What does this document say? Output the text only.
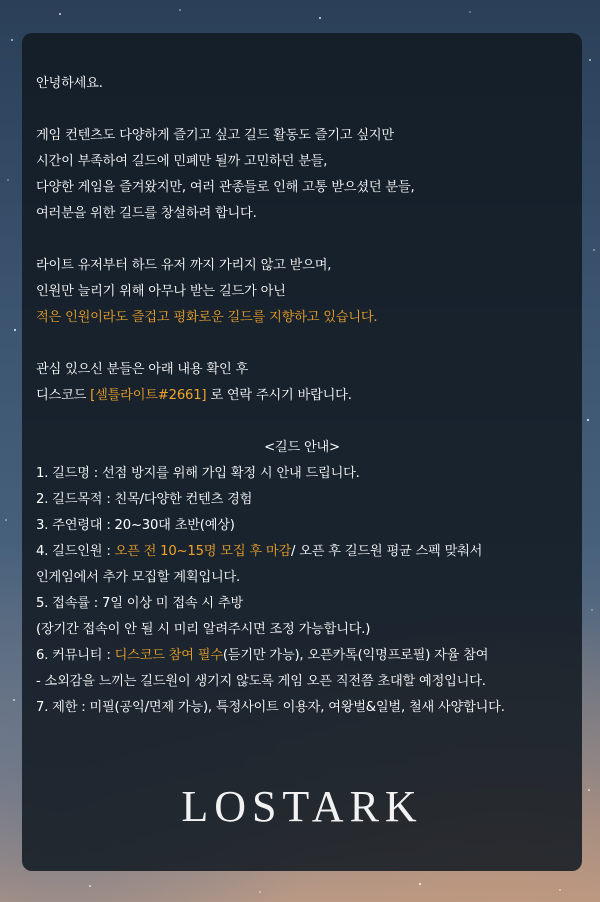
안녕하세요.
게임 컨텐츠도 다양하게 즐기고 싶고 길드 활동도 즐기고 싶지만
시간이 부족하여 길드에 민폐만 될까 고민하던 분들,
다양한 게임을 즐겨왔지만, 여러 관종들로 인해 고통 받으셨던 분들,
여러분을 위한 길드를 창설하려 합니다.
라이트 유저부터 하드 유저 까지 가리지 않고 받으며,
인원만 늘리기 위해 아무나 받는 길드가 아닌
적은 인원이라도 즐겁고 평화로운 길드를 지향하고 있습니다.
관심 있으신 분들은 아래 내용 확인 후
디스코드 [셀틀라이트#2661] 로 연락 주시기 바랍니다.
<길드 안내>
1. 길드명 : 선점 방지를 위해 가입 확정 시 안내 드립니다.
2. 길드목적 : 친목/다양한 컨텐츠 경험
3. 주연령대 : 20~30대 초반(예상)
4. 길드인원 : 오픈 전 10~15명 모집 후 마감/ 오픈 후 길드원 평균 스펙 맞춰서
인게임에서 추가 모집할 계획입니다.
5. 접속률 : 7일 이상 미 접속 시 추방
(장기간 접속이 안 될 시 미리 알려주시면 조정 가능합니다.)
6. 커뮤니티 : 디스코드 참여 필수(듣기만 가능), 오픈카톡(익명프로필) 자율 참여
- 소외감을 느끼는 길드원이 생기지 않도록 게임 오픈 직전쯤 초대할 예정입니다.
7. 제한 : 미필(공익/면제 가능), 특정사이트 이용자, 여왕벌&일벌, 철새 사양합니다.
LOSTARK
